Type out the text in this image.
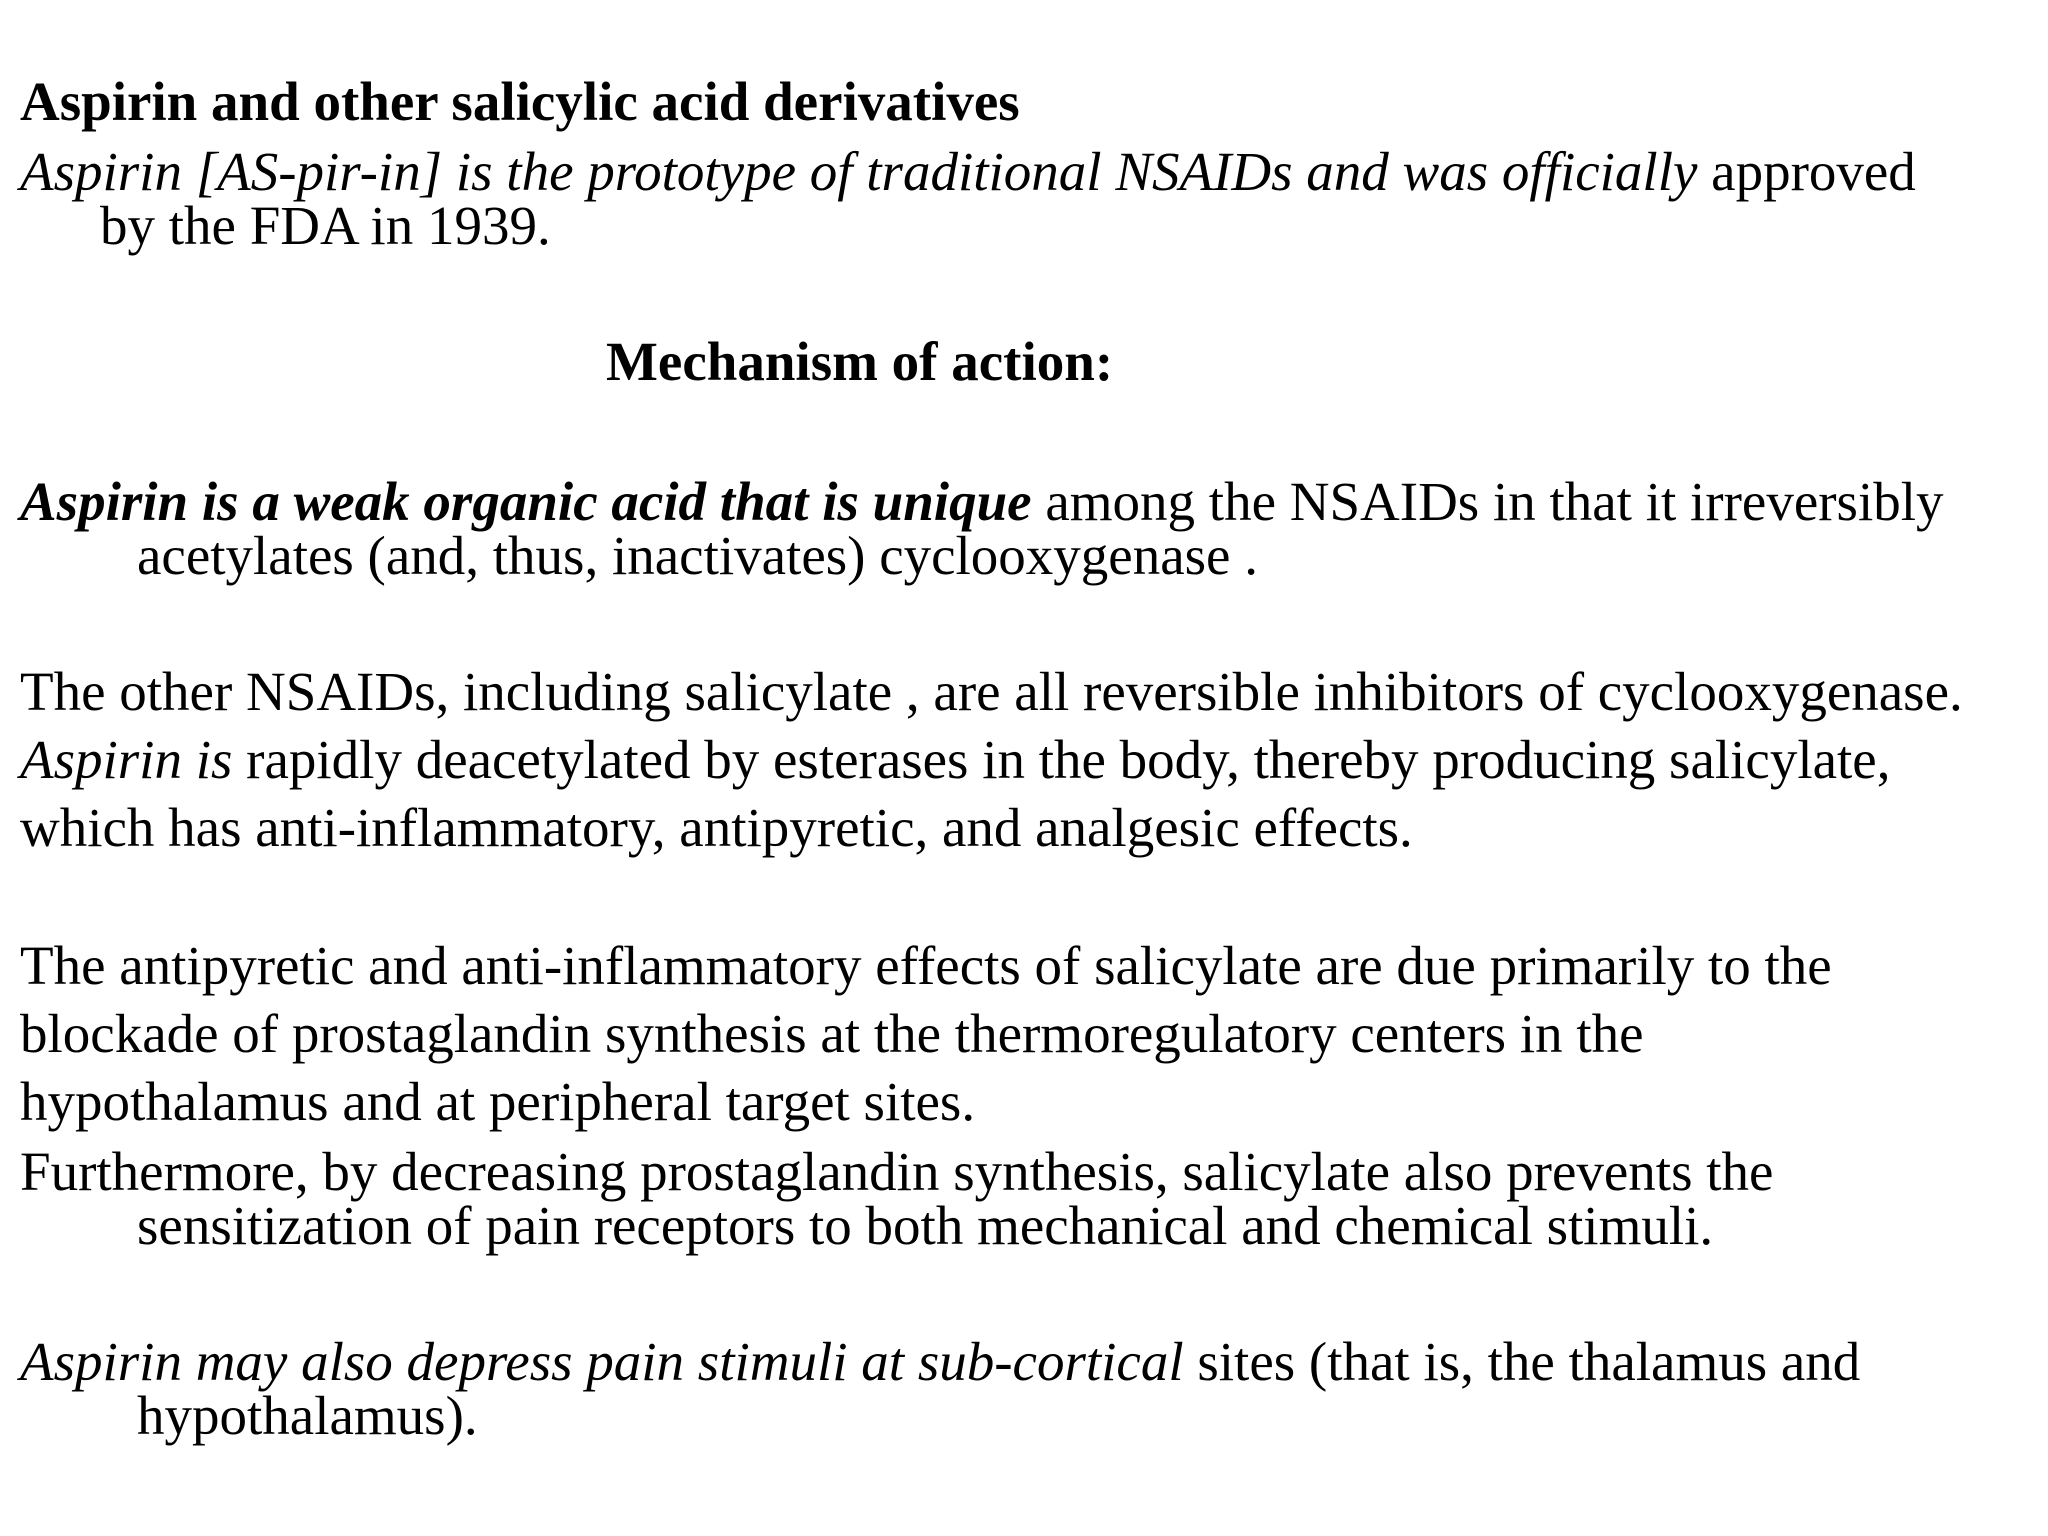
Aspirin and other salicylic acid derivatives

Aspirin [AS-pir-in] is the prototype of traditional NSAIDs and was officially approved

by the FDA in 1939.

Mechanism of action:

Aspirin is a weak organic acid that is unique among the NSAIDs in that it irreversibly

acetylates (and, thus, inactivates) cyclooxygenase .

The other NSAIDs, including salicylate , are all reversible inhibitors of cyclooxygenase.

Aspirin is rapidly deacetylated by esterases in the body, thereby producing salicylate,

which has anti-inflammatory, antipyretic, and analgesic effects.

The antipyretic and anti-inflammatory effects of salicylate are due primarily to the

blockade of prostaglandin synthesis at the thermoregulatory centers in the

hypothalamus and at peripheral target sites.

Furthermore, by decreasing prostaglandin synthesis, salicylate also prevents the

sensitization of pain receptors to both mechanical and chemical stimuli.

Aspirin may also depress pain stimuli at sub-cortical sites (that is, the thalamus and

hypothalamus).
